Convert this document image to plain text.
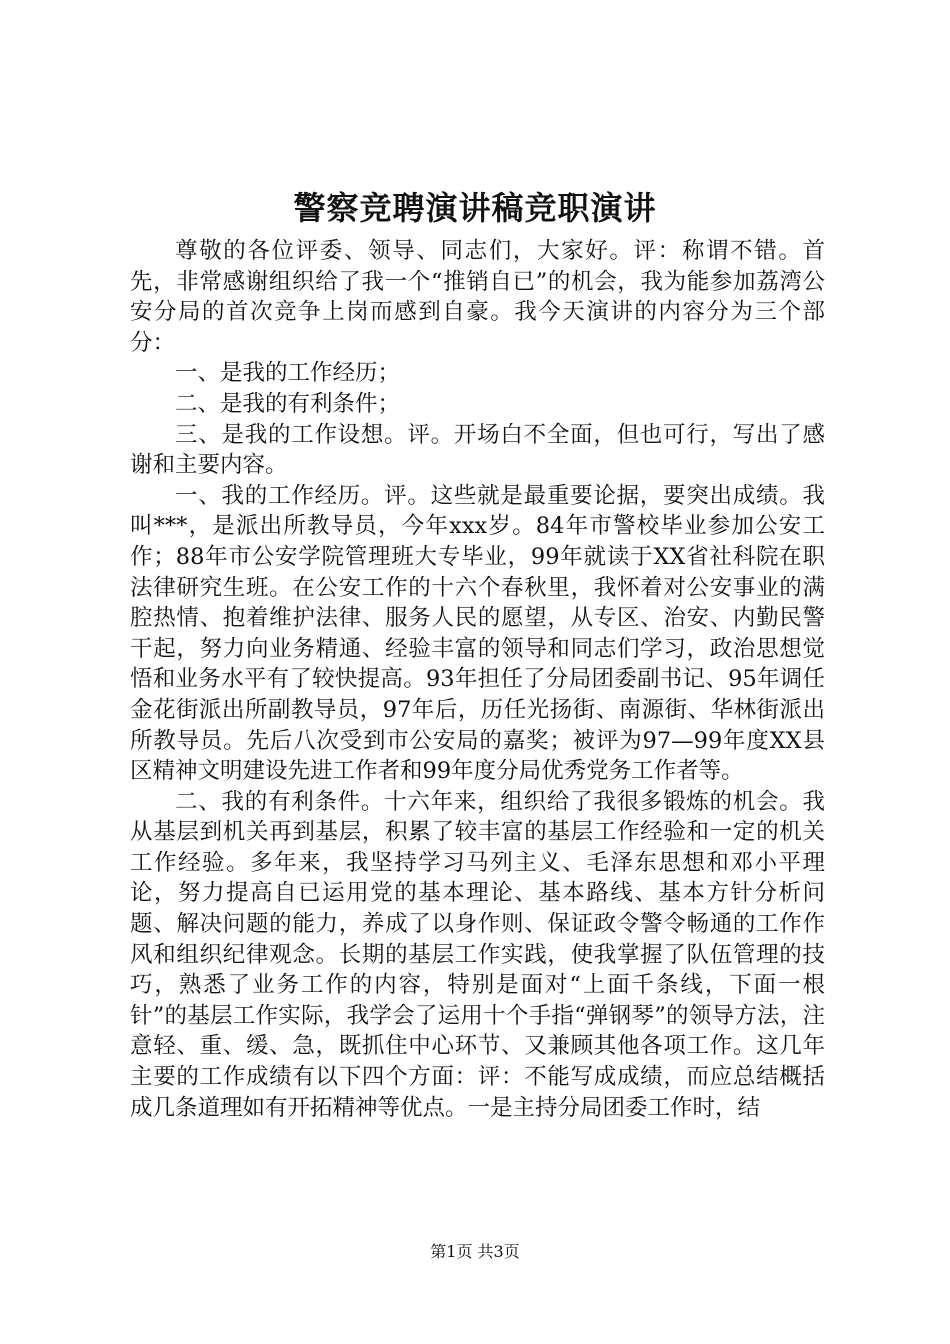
警察竞聘演讲稿竞职演讲

尊敬的各位评委、领导、同志们，大家好。评：称谓不错。首先，非常感谢组织给了我一个“推销自已”的机会，我为能参加荔湾公安分局的首次竞争上岗而感到自豪。我今天演讲的内容分为三个部分：

一、是我的工作经历；

二、是我的有利条件；

三、是我的工作设想。评。开场白不全面，但也可行，写出了感谢和主要内容。

一、我的工作经历。评。这些就是最重要论据，要突出成绩。我叫***，是派出所教导员，今年xxx岁。84年市警校毕业参加公安工作；88年市公安学院管理班大专毕业，99年就读于XX省社科院在职法律研究生班。在公安工作的十六个春秋里，我怀着对公安事业的满腔热情、抱着维护法律、服务人民的愿望，从专区、治安、内勤民警干起，努力向业务精通、经验丰富的领导和同志们学习，政治思想觉悟和业务水平有了较快提高。93年担任了分局团委副书记、95年调任金花街派出所副教导员，97年后，历任光扬街、南源街、华林街派出所教导员。先后八次受到市公安局的嘉奖；被评为97—99年度XX县区精神文明建设先进工作者和99年度分局优秀党务工作者等。

二、我的有利条件。十六年来，组织给了我很多锻炼的机会。我从基层到机关再到基层，积累了较丰富的基层工作经验和一定的机关工作经验。多年来，我坚持学习马列主义、毛泽东思想和邓小平理论，努力提高自已运用党的基本理论、基本路线、基本方针分析问题、解决问题的能力，养成了以身作则、保证政令警令畅通的工作作风和组织纪律观念。长期的基层工作实践，使我掌握了队伍管理的技巧，熟悉了业务工作的内容，特别是面对“上面千条线，下面一根针”的基层工作实际，我学会了运用十个手指“弹钢琴”的领导方法，注意轻、重、缓、急，既抓住中心环节、又兼顾其他各项工作。这几年主要的工作成绩有以下四个方面：评：不能写成成绩，而应总结概括成几条道理如有开拓精神等优点。一是主持分局团委工作时，结

第1页 共3页
